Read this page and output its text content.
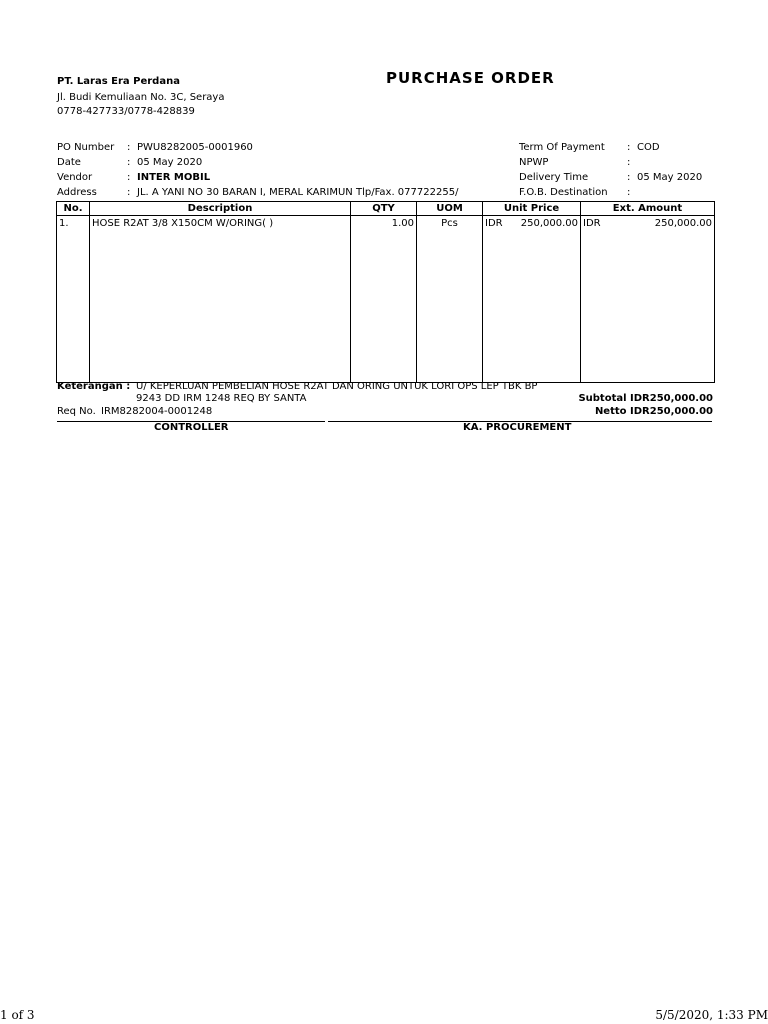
PT. Laras Era Perdana
Jl. Budi Kemuliaan No. 3C, Seraya
0778-427733/0778-428839
PURCHASE ORDER
PO Number : PWU8282005-0001960
Date	: 05 May 2020
Vendor	: INTER MOBIL
Address	: JL. A YANI NO 30 BARAN I, MERAL KARIMUN Tlp/Fax. 077722255/
Term Of Payment : COD
NPWP	:
Delivery Time	: 05 May 2020
F.O.B. Destination :
No.	Description	QTY	UOM	Unit Price	Ext. Amount
1.	HOSE R2AT 3/8 X150CM W/ORING( )	1.00	Pcs	IDR 250,000.00	IDR 250,000.00

Keterangan : U/ KEPERLUAN PEMBELIAN HOSE R2AT DAN ORING UNTUK LORI OPS LEP TBK BP
9243 DD IRM 1248 REQ BY SANTA
Req No. IRM8282004-0001248
Subtotal IDR250,000.00
Netto IDR250,000.00
CONTROLLER	KA. PROCUREMENT
1 of 3	5/5/2020, 1:33 PM
